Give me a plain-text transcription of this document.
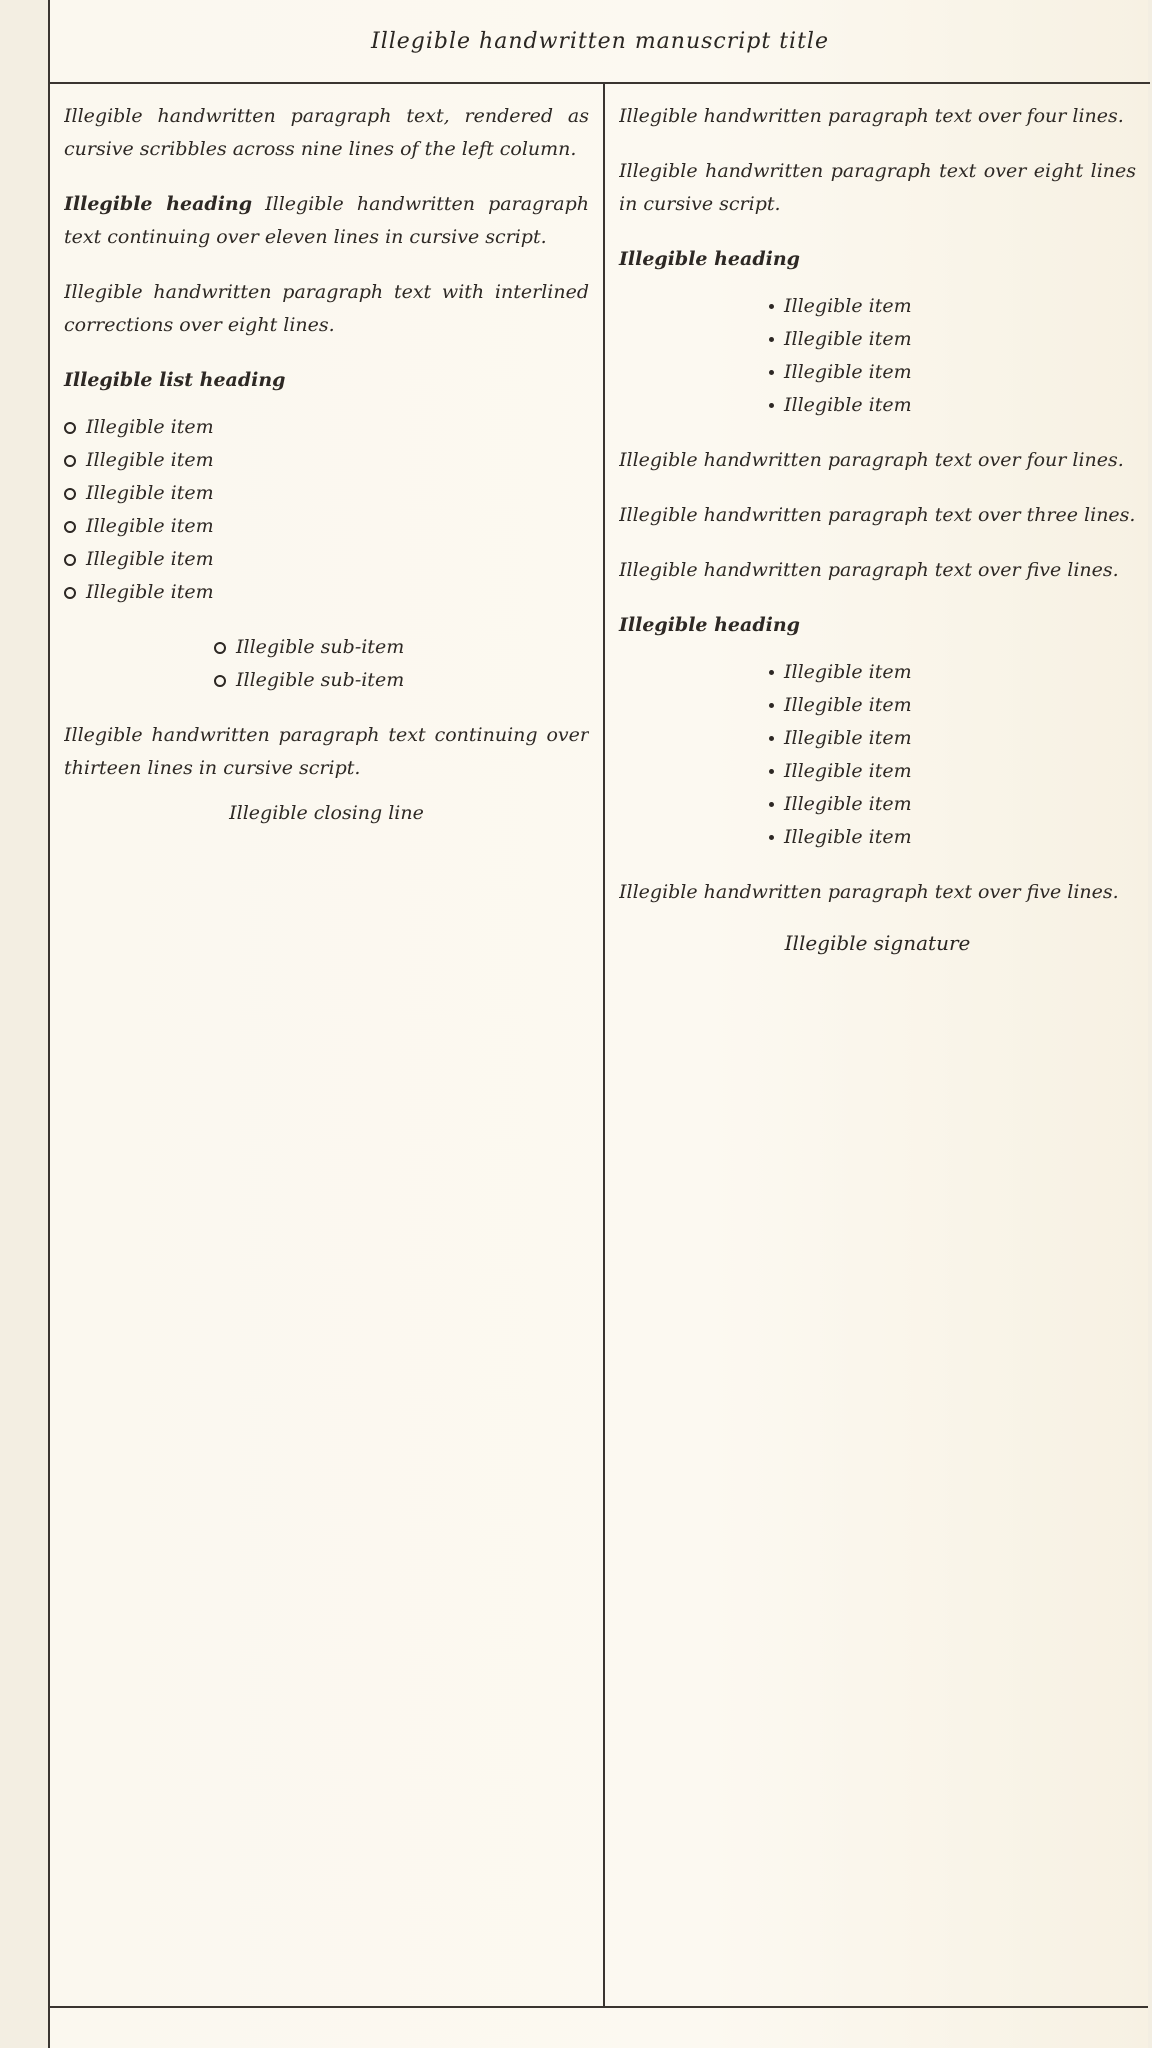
Illegible handwritten manuscript title

Illegible handwritten paragraph text, rendered as cursive scribbles across nine lines of the left column.

Illegible heading Illegible handwritten paragraph text continuing over eleven lines in cursive script.

Illegible handwritten paragraph text with interlined corrections over eight lines.

Illegible list heading
Illegible item
Illegible item
Illegible item
Illegible item
Illegible item
Illegible item
Illegible sub-item
Illegible sub-item

Illegible handwritten paragraph text continuing over thirteen lines in cursive script.

Illegible closing line

Illegible handwritten paragraph text over four lines.

Illegible handwritten paragraph text over eight lines in cursive script.

Illegible heading
Illegible item
Illegible item
Illegible item
Illegible item

Illegible handwritten paragraph text over four lines.

Illegible handwritten paragraph text over three lines.

Illegible handwritten paragraph text over five lines.

Illegible heading
Illegible item
Illegible item
Illegible item
Illegible item
Illegible item
Illegible item

Illegible handwritten paragraph text over five lines.

Illegible signature
